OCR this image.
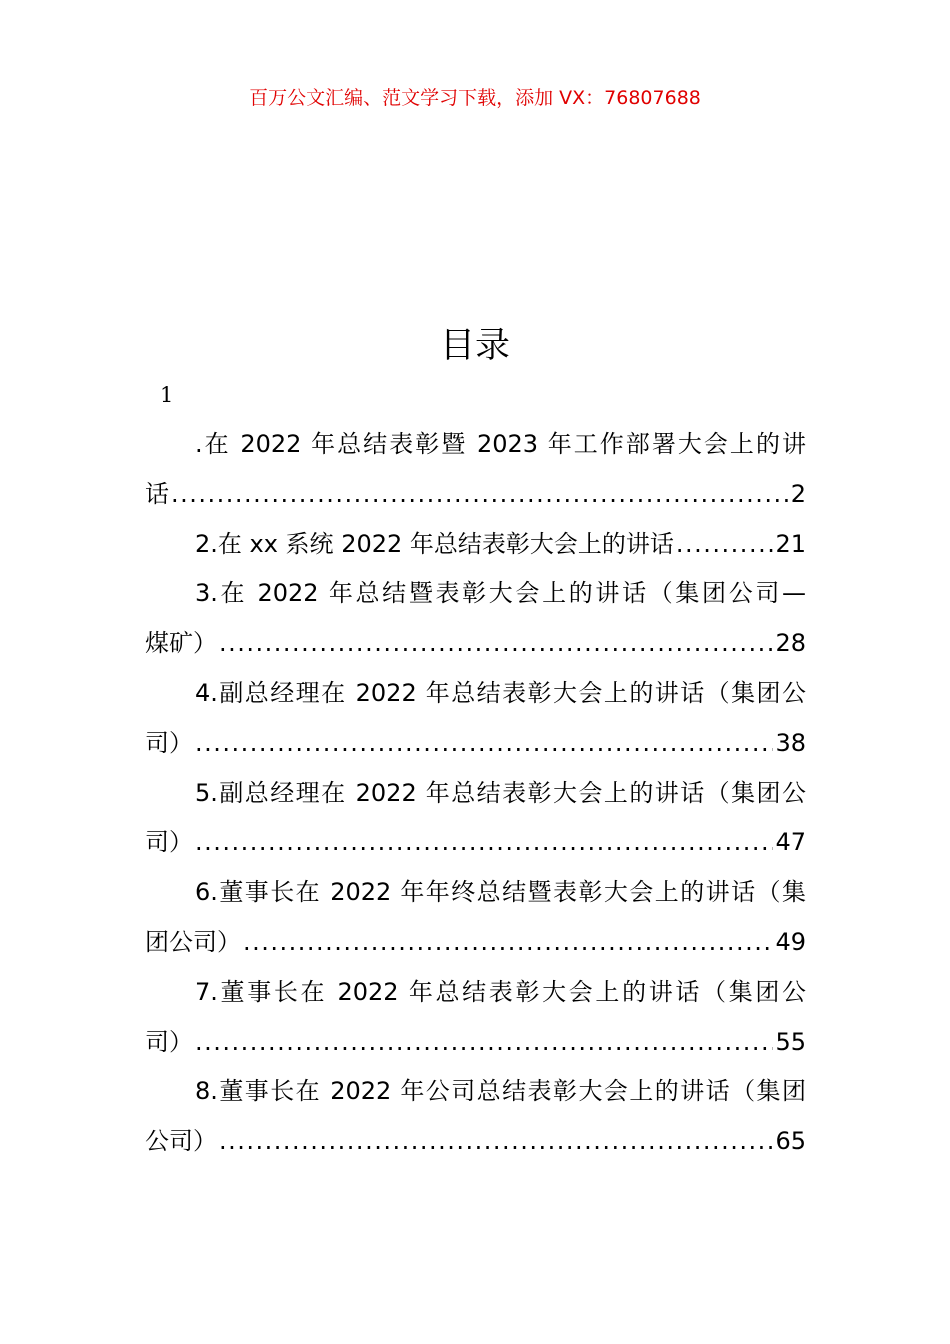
百万公文汇编、范文学习下载，添加 VX：76807688
目录
1
.在 2022 年总结表彰暨 2023 年工作部署大会上的讲
话 .....	2
2.在 xx 系统 2022 年总结表彰大会上的讲话 .....	21
3.在 2022 年总结暨表彰大会上的讲话（集团公司—
煤矿） .....	28
4.副总经理在 2022 年总结表彰大会上的讲话（集团公
司） .....	38
5.副总经理在 2022 年总结表彰大会上的讲话（集团公
司） .....	47
6.董事长在 2022 年年终总结暨表彰大会上的讲话（集
团公司） .....	49
7.董事长在 2022 年总结表彰大会上的讲话（集团公
司） .....	55
8.董事长在 2022 年公司总结表彰大会上的讲话（集团
公司） .....	65
